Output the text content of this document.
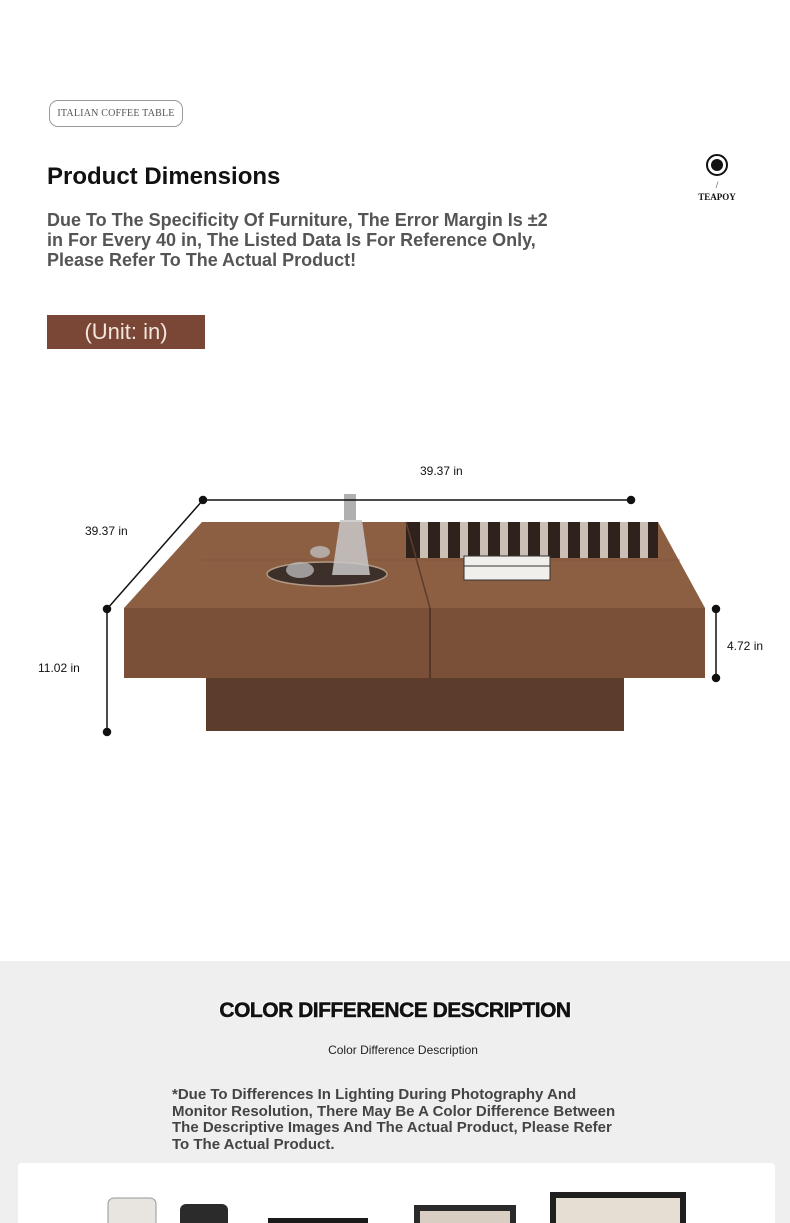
ITALIAN COFFEE TABLE
Product Dimensions

Due To The Specificity Of Furniture, The Error Margin Is ±2 in For Every 40 in, The Listed Data Is For Reference Only, Please Refer To The Actual Product!

/
TEAPOY
(Unit: in)
39.37 in
39.37 in
11.02 in
4.72 in
COLOR DIFFERENCE DESCRIPTION
Color Difference Description

*Due To Differences In Lighting During Photography And Monitor Resolution, There May Be A Color Difference Between The Descriptive Images And The Actual Product, Please Refer To The Actual Product.
